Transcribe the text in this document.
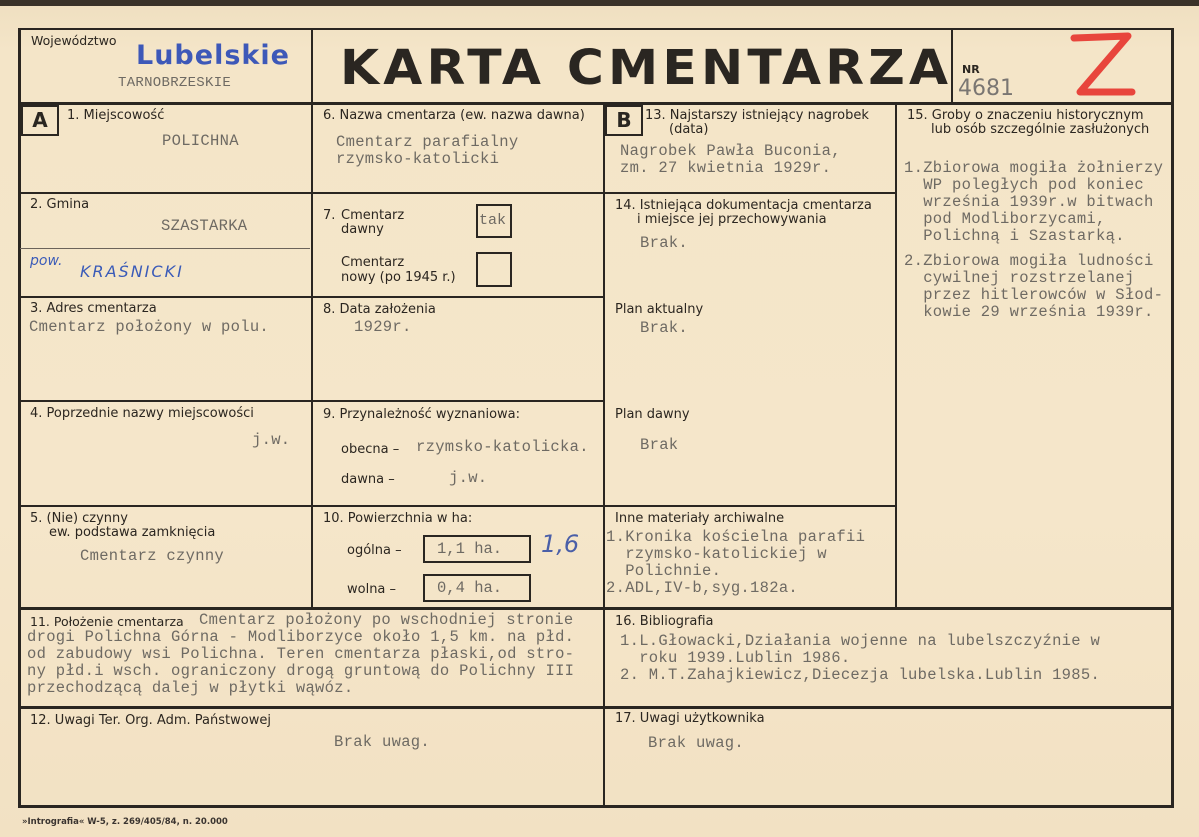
Województwo Lubelskie
TARNOBRZESKIE KARTA CMENTARZA NR
4681
A	1. Miejscowość
POLICHNA
2. Gmina
SZASTARKA
pow.
KRAŚNICKI
3. Adres cmentarza
Cmentarz położony w polu.
4. Poprzednie nazwy miejscowości
j.w.
5. (Nie) czynny
ew. podstawa zamknięcia
Cmentarz czynny
6. Nazwa cmentarza (ew. nazwa dawna)
Cmentarz parafialny
rzymsko-katolicki
7. Cmentarz
dawny
tak
Cmentarz
nowy (po 1945 r.)
8. Data założenia
1929r.
9. Przynależność wyznaniowa:
obecna – rzymsko-katolicka.
dawna –	j.w.
10. Powierzchnia w ha:
ogólna – 1,1 ha. 1,6
wolna –	0,4 ha.
11. Położenie cmentarza Cmentarz położony po wschodniej stronie
drogi Polichna Górna - Modliborzyce około 1,5 km. na płd.
od zabudowy wsi Polichna. Teren cmentarza płaski,od stro-
ny płd.i wsch. ograniczony drogą gruntową do Polichny III
przechodzącą dalej w płytki wąwóz.
12. Uwagi Ter. Org. Adm. Państwowej
Brak uwag.
B	13. Najstarszy istniejący nagrobek
(data)
Nagrobek Pawła Buconia,
zm. 27 kwietnia 1929r.
14. Istniejąca dokumentacja cmentarza
i miejsce jej przechowywania
Brak.
Plan aktualny
Brak.
Plan dawny
Brak
Inne materiały archiwalne
1.Kronika kościelna parafii
rzymsko-katolickiej w
Polichnie.
2.ADL,IV-b,syg.182a.
15. Groby o znaczeniu historycznym
lub osób szczególnie zasłużonych
1.Zbiorowa mogiła żołnierzy
WP poległych pod koniec
września 1939r.w bitwach
pod Modliborzycami,
Polichną i Szastarką.
2.Zbiorowa mogiła ludności
cywilnej rozstrzelanej
przez hitlerowców w Słod-
kowie 29 września 1939r.
16. Bibliografia
1.L.Głowacki,Działania wojenne na lubelszczyźnie w
roku 1939.Lublin 1986.
2. M.T.Zahajkiewicz,Diecezja lubelska.Lublin 1985.
17. Uwagi użytkownika
Brak uwag.
»Intrografia« W-5, z. 269/405/84, n. 20.000
